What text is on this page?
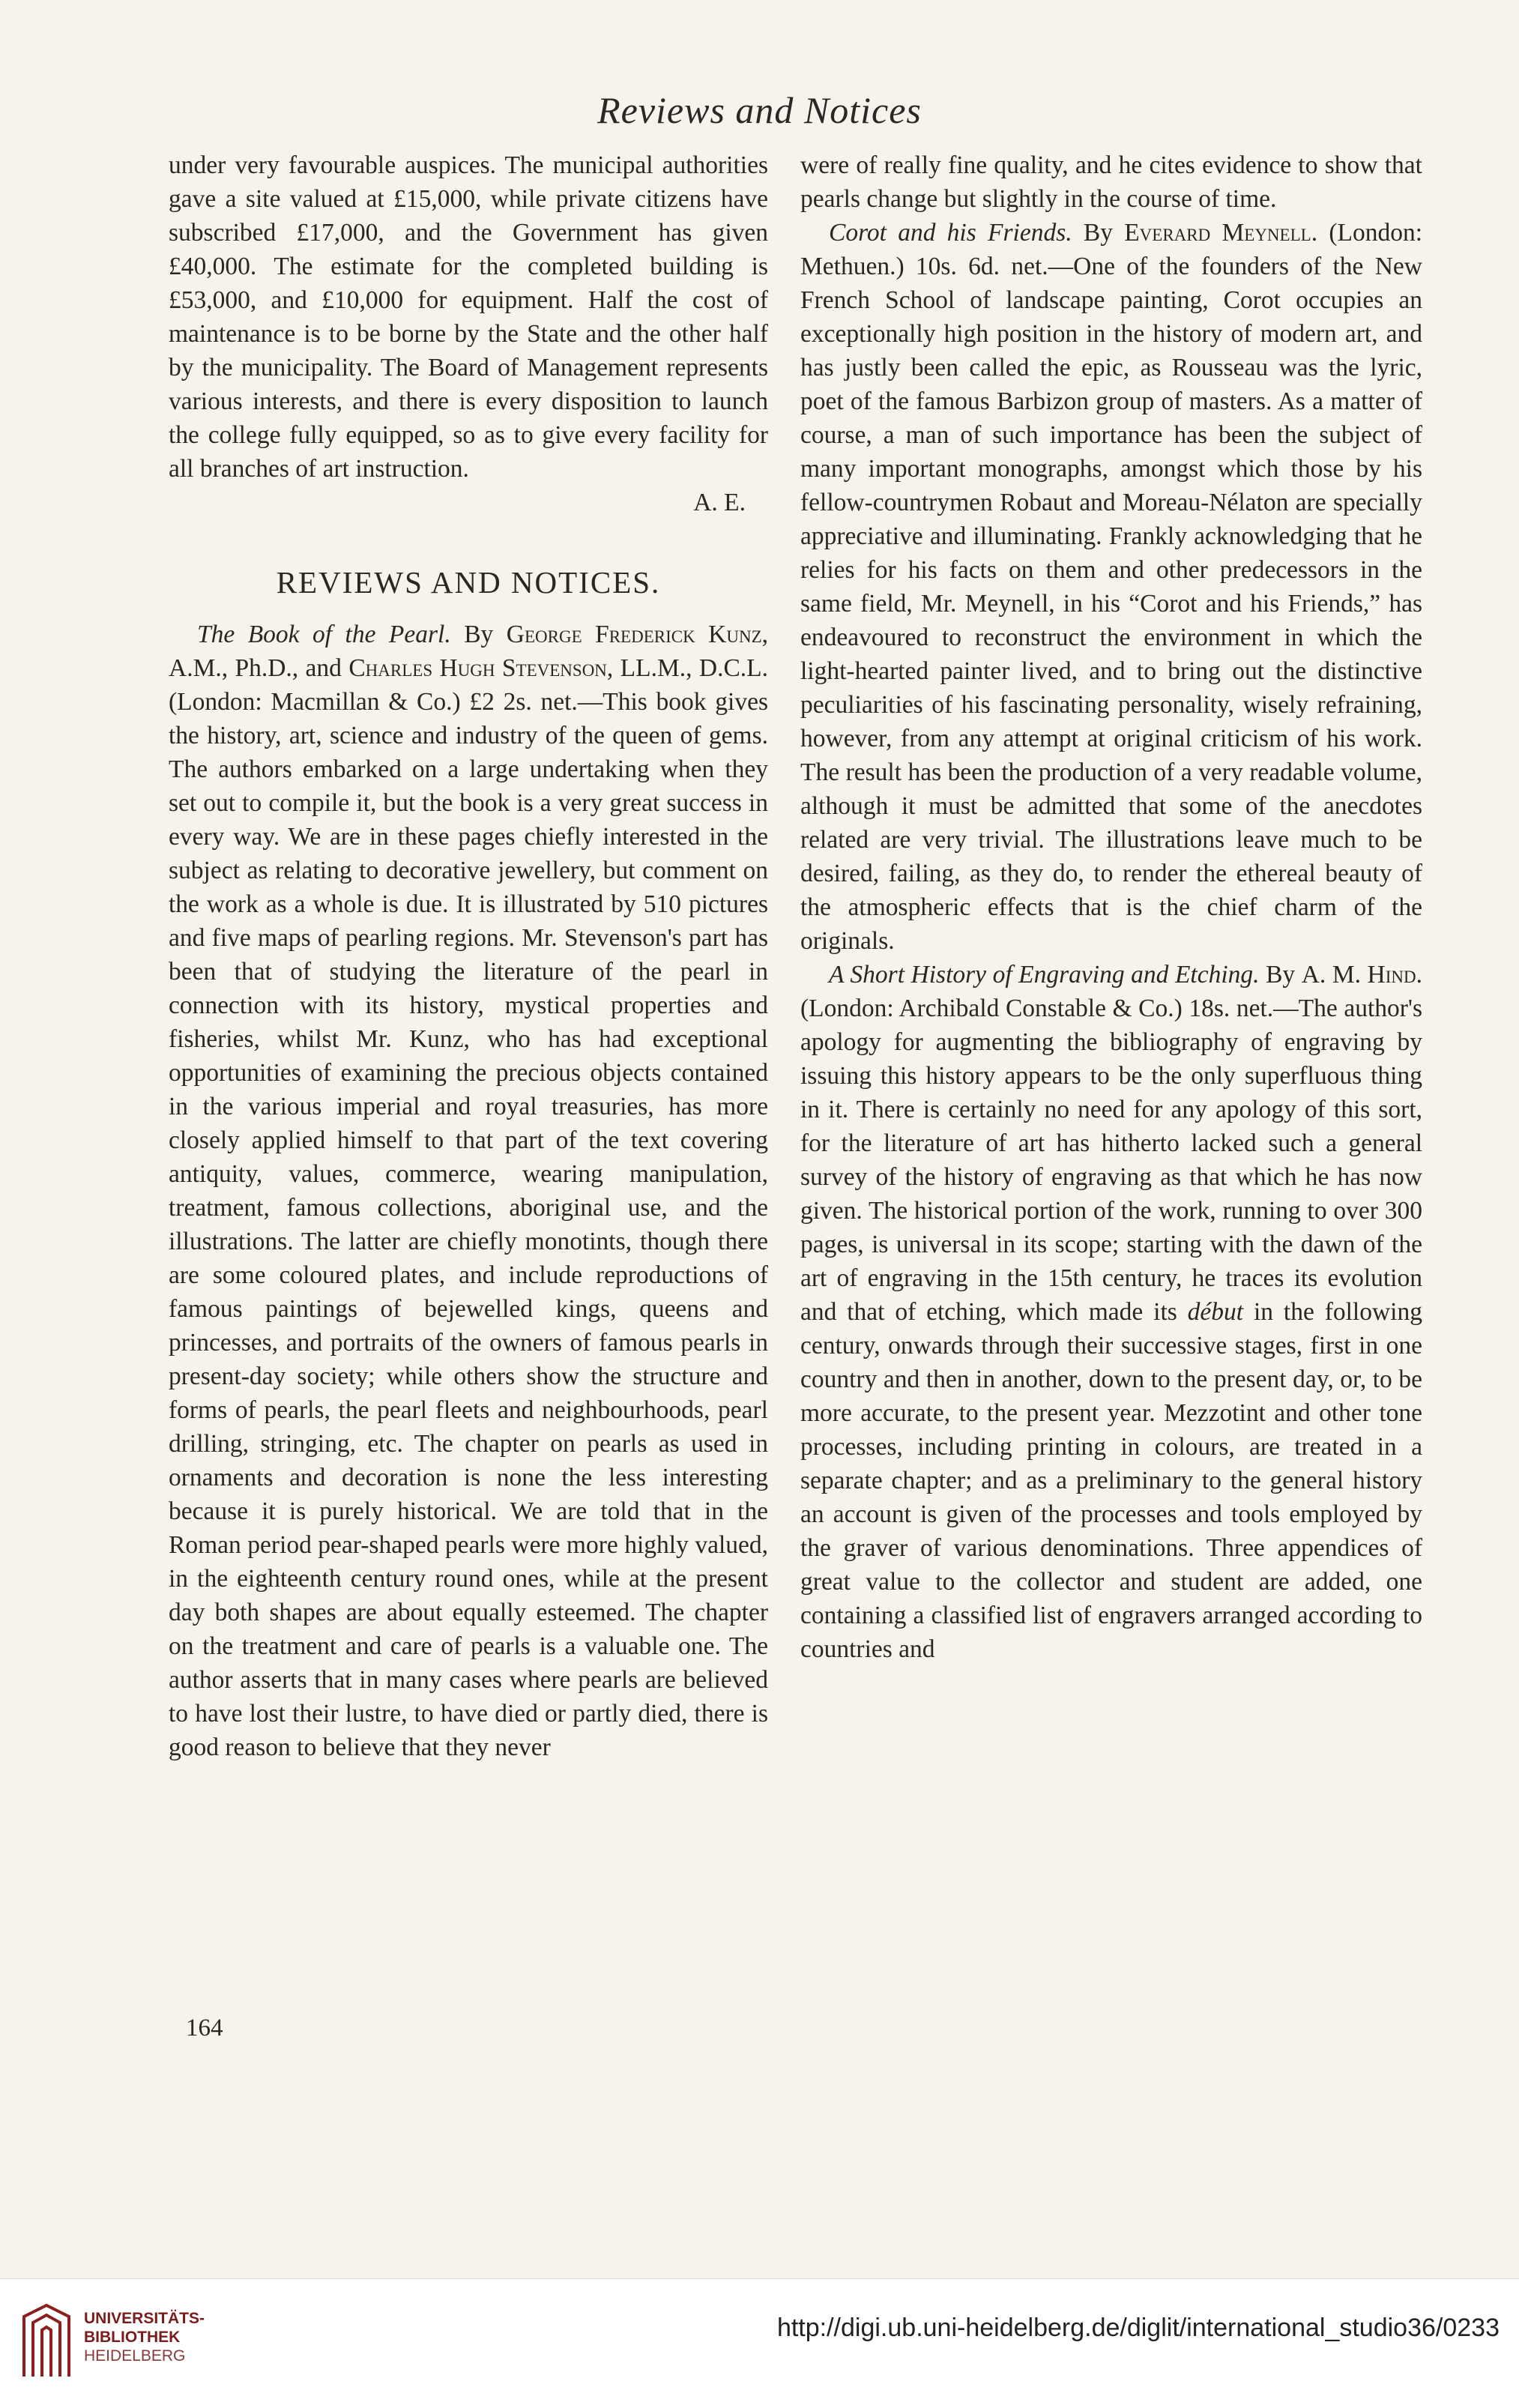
Reviews and Notices

under very favourable auspices. The municipal authorities gave a site valued at £15,000, while private citizens have subscribed £17,000, and the Government has given £40,000. The estimate for the completed building is £53,000, and £10,000 for equipment. Half the cost of maintenance is to be borne by the State and the other half by the municipality. The Board of Management represents various interests, and there is every disposition to launch the college fully equipped, so as to give every facility for all branches of art instruction.
A. E.

REVIEWS AND NOTICES.

The Book of the Pearl. By George Frederick Kunz, A.M., Ph.D., and Charles Hugh Stevenson, LL.M., D.C.L. (London: Macmillan & Co.) £2 2s. net.—This book gives the history, art, science and industry of the queen of gems. The authors embarked on a large undertaking when they set out to compile it, but the book is a very great success in every way. We are in these pages chiefly interested in the subject as relating to decorative jewellery, but comment on the work as a whole is due. It is illustrated by 510 pictures and five maps of pearling regions. Mr. Stevenson's part has been that of studying the literature of the pearl in connection with its history, mystical properties and fisheries, whilst Mr. Kunz, who has had exceptional opportunities of examining the precious objects contained in the various imperial and royal treasuries, has more closely applied himself to that part of the text covering antiquity, values, commerce, wearing manipulation, treatment, famous collections, aboriginal use, and the illustrations. The latter are chiefly monotints, though there are some coloured plates, and include reproductions of famous paintings of bejewelled kings, queens and princesses, and portraits of the owners of famous pearls in present-day society; while others show the structure and forms of pearls, the pearl fleets and neighbourhoods, pearl drilling, stringing, etc. The chapter on pearls as used in ornaments and decoration is none the less interesting because it is purely historical. We are told that in the Roman period pear-shaped pearls were more highly valued, in the eighteenth century round ones, while at the present day both shapes are about equally esteemed. The chapter on the treatment and care of pearls is a valuable one. The author asserts that in many cases where pearls are believed to have lost their lustre, to have died or partly died, there is good reason to believe that they never

were of really fine quality, and he cites evidence to show that pearls change but slightly in the course of time.

Corot and his Friends. By Everard Meynell. (London: Methuen.) 10s. 6d. net.—One of the founders of the New French School of landscape painting, Corot occupies an exceptionally high position in the history of modern art, and has justly been called the epic, as Rousseau was the lyric, poet of the famous Barbizon group of masters. As a matter of course, a man of such importance has been the subject of many important monographs, amongst which those by his fellow-countrymen Robaut and Moreau-Nélaton are specially appreciative and illuminating. Frankly acknowledging that he relies for his facts on them and other predecessors in the same field, Mr. Meynell, in his “Corot and his Friends,” has endeavoured to reconstruct the environment in which the light-hearted painter lived, and to bring out the distinctive peculiarities of his fascinating personality, wisely refraining, however, from any attempt at original criticism of his work. The result has been the production of a very readable volume, although it must be admitted that some of the anecdotes related are very trivial. The illustrations leave much to be desired, failing, as they do, to render the ethereal beauty of the atmospheric effects that is the chief charm of the originals.

A Short History of Engraving and Etching. By A. M. Hind. (London: Archibald Constable & Co.) 18s. net.—The author's apology for augmenting the bibliography of engraving by issuing this history appears to be the only superfluous thing in it. There is certainly no need for any apology of this sort, for the literature of art has hitherto lacked such a general survey of the history of engraving as that which he has now given. The historical portion of the work, running to over 300 pages, is universal in its scope; starting with the dawn of the art of engraving in the 15th century, he traces its evolution and that of etching, which made its début in the following century, onwards through their successive stages, first in one country and then in another, down to the present day, or, to be more accurate, to the present year. Mezzotint and other tone processes, including printing in colours, are treated in a separate chapter; and as a preliminary to the general history an account is given of the processes and tools employed by the graver of various denominations. Three appendices of great value to the collector and student are added, one containing a classified list of engravers arranged according to countries and

164
UNIVERSITÄTS-
BIBLIOTHEK
HEIDELBERG
http://digi.ub.uni-heidelberg.de/diglit/international_studio36/0233
